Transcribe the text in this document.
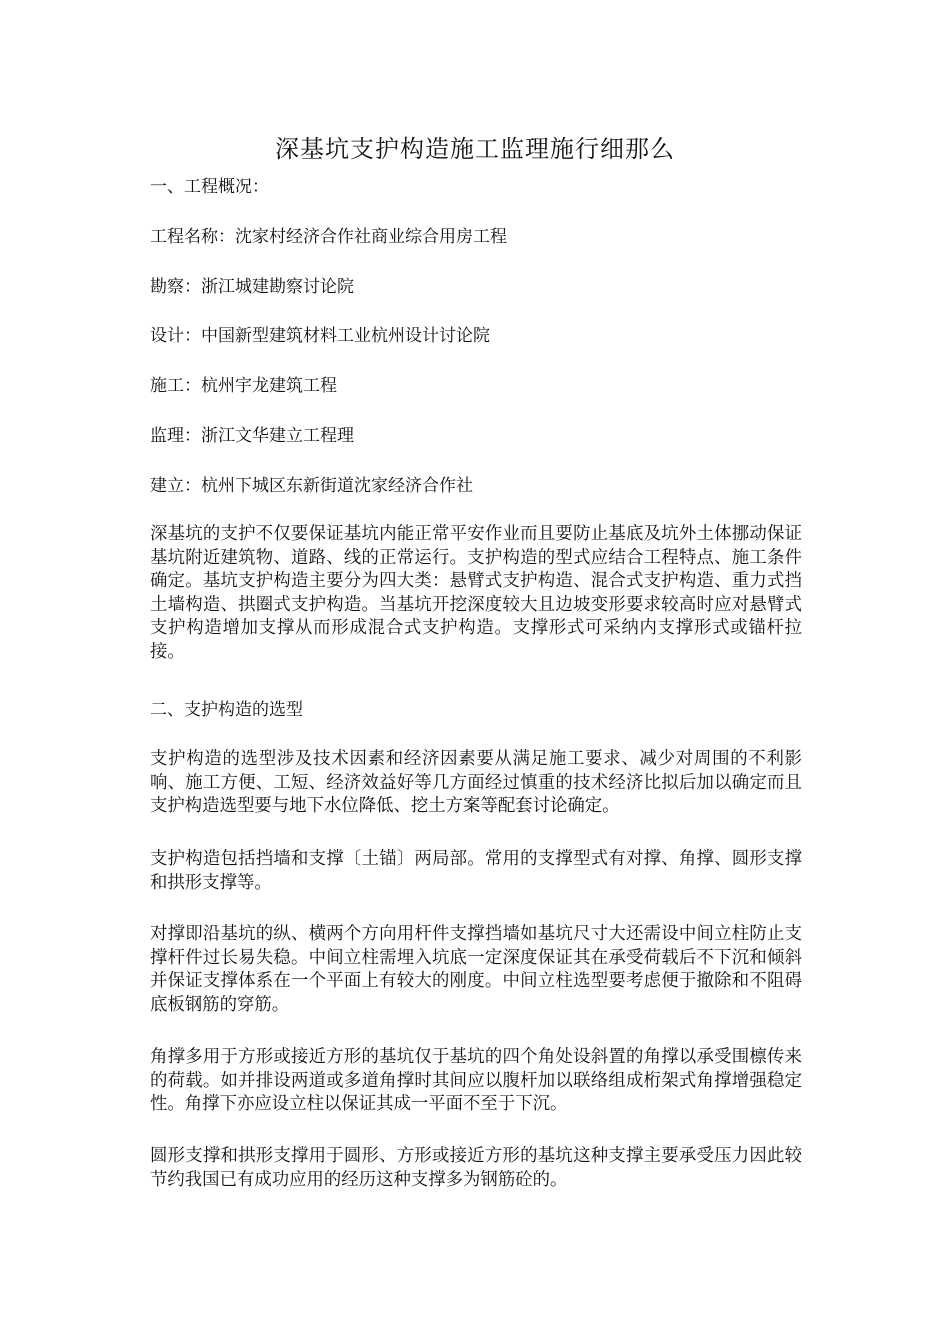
深基坑支护构造施工监理施行细那么
一、工程概况：
工程名称：沈家村经济合作社商业综合用房工程
勘察：浙江城建勘察讨论院
设计：中国新型建筑材料工业杭州设计讨论院
施工：杭州宇龙建筑工程
监理：浙江文华建立工程理
建立：杭州下城区东新街道沈家经济合作社
深基坑的支护不仅要保证基坑内能正常平安作业而且要防止基底及坑外土体挪动保证基坑附近建筑物、道路、线的正常运行。支护构造的型式应结合工程特点、施工条件确定。基坑支护构造主要分为四大类：悬臂式支护构造、混合式支护构造、重力式挡土墙构造、拱圈式支护构造。当基坑开挖深度较大且边坡变形要求较高时应对悬臂式支护构造增加支撑从而形成混合式支护构造。支撑形式可采纳内支撑形式或锚杆拉接。
二、支护构造的选型
支护构造的选型涉及技术因素和经济因素要从满足施工要求、减少对周围的不利影响、施工方便、工短、经济效益好等几方面经过慎重的技术经济比拟后加以确定而且支护构造选型要与地下水位降低、挖土方案等配套讨论确定。
支护构造包括挡墙和支撑〔土锚〕两局部。常用的支撑型式有对撑、角撑、圆形支撑和拱形支撑等。
对撑即沿基坑的纵、横两个方向用杆件支撑挡墙如基坑尺寸大还需设中间立柱防止支撑杆件过长易失稳。中间立柱需埋入坑底一定深度保证其在承受荷载后不下沉和倾斜并保证支撑体系在一个平面上有较大的刚度。中间立柱选型要考虑便于撤除和不阻碍底板钢筋的穿筋。
角撑多用于方形或接近方形的基坑仅于基坑的四个角处设斜置的角撑以承受围檩传来的荷载。如并排设两道或多道角撑时其间应以腹杆加以联络组成桁架式角撑增强稳定性。角撑下亦应设立柱以保证其成一平面不至于下沉。
圆形支撑和拱形支撑用于圆形、方形或接近方形的基坑这种支撑主要承受压力因此较节约我国已有成功应用的经历这种支撑多为钢筋砼的。
